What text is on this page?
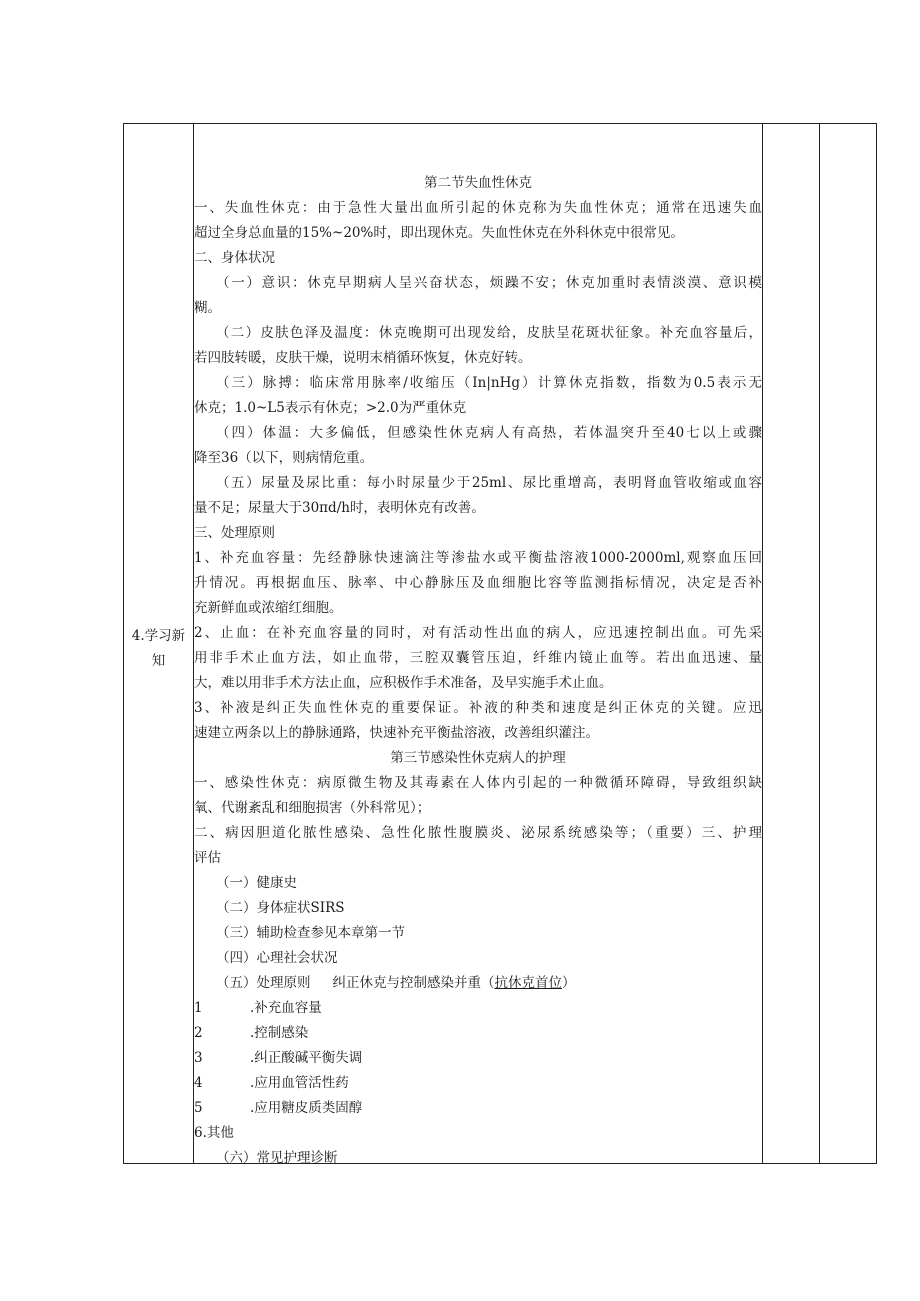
4.学习新
知
第二节失血性休克
一、失血性休克：由于急性大量出血所引起的休克称为失血性休克；通常在迅速失血
超过全身总血量的15%~20%时，即出现休克。失血性休克在外科休克中很常见。
二、身体状况
（一）意识：休克早期病人呈兴奋状态，烦躁不安；休克加重时表情淡漠、意识模
糊。
（二）皮肤色泽及温度：休克晚期可出现发给，皮肤呈花斑状征象。补充血容量后，
若四肢转暖，皮肤干燥，说明末梢循环恢复，休克好转。
（三）脉搏：临床常用脉率/收缩压（In|nHg）计算休克指数，指数为0.5表示无
休克；1.0~L5表示有休克；>2.0为严重休克
（四）体温：大多偏低，但感染性休克病人有高热，若体温突升至40七以上或骤
降至36（以下，则病情危重。
（五）尿量及尿比重：每小时尿量少于25ml、尿比重增高，表明肾血管收缩或血容
量不足；尿量大于30πd/h时，表明休克有改善。
三、处理原则
1、补充血容量：先经静脉快速滴注等渗盐水或平衡盐溶液1000-2000ml,观察血压回
升情况。再根据血压、脉率、中心静脉压及血细胞比容等监测指标情况，决定是否补
充新鲜血或浓缩红细胞。
2、止血：在补充血容量的同时，对有活动性出血的病人，应迅速控制出血。可先采
用非手术止血方法，如止血带，三腔双囊管压迫，纤维内镜止血等。若出血迅速、量
大，难以用非手术方法止血，应积极作手术准备，及早实施手术止血。
3、补液是纠正失血性休克的重要保证。补液的种类和速度是纠正休克的关键。应迅
速建立两条以上的静脉通路，快速补充平衡盐溶液，改善组织灌注。
第三节感染性休克病人的护理
一、感染性休克：病原微生物及其毒素在人体内引起的一种微循环障碍，导致组织缺
氧、代谢紊乱和细胞损害（外科常见）；
二、病因胆道化脓性感染、急性化脓性腹膜炎、泌尿系统感染等；（重要）三、护理
评估
（一）健康史
（二）身体症状SIRS
（三）辅助检查参见本章第一节
（四）心理社会状况
（五）处理原则 纠正休克与控制感染并重（抗休克首位）
1	.补充血容量
2	.控制感染
3	.纠正酸碱平衡失调
4	.应用血管活性药
5	.应用糖皮质类固醇
6.其他
（六）常见护理诊断
